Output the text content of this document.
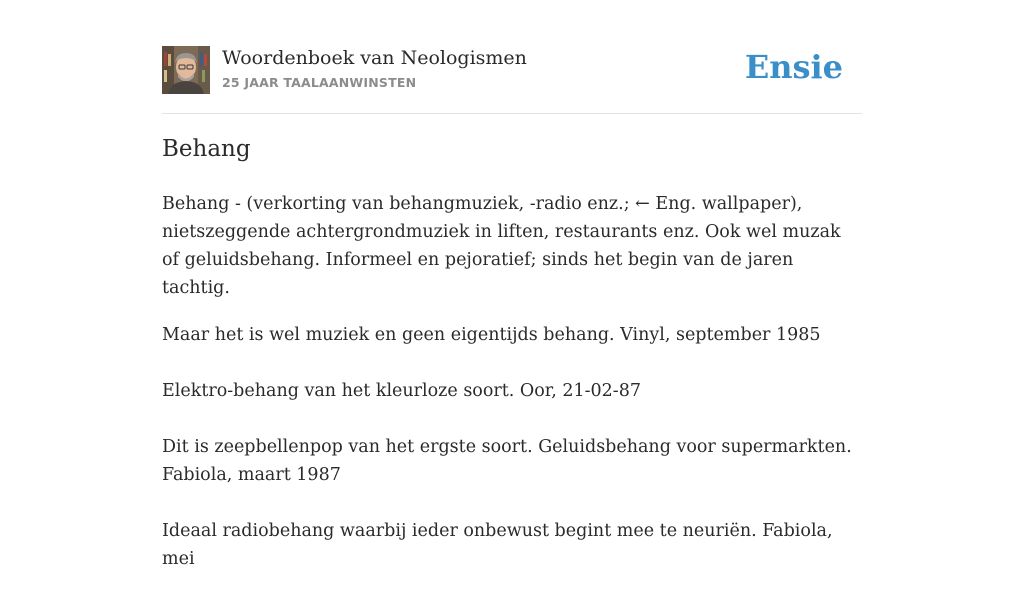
Woordenboek van Neologismen
25 JAAR TAALAANWINSTEN	Ensie
Behang

Behang - (verkorting van behangmuziek, -radio enz.; ← Eng. wallpaper), nietszeggende achtergrondmuziek in liften, restaurants enz. Ook wel muzak of geluidsbehang. Informeel en pejoratief; sinds het begin van de jaren tachtig.

Maar het is wel muziek en geen eigentijds behang. Vinyl, september 1985

Elektro-behang van het kleurloze soort. Oor, 21-02-87

Dit is zeepbellenpop van het ergste soort. Geluidsbehang voor supermarkten. Fabiola, maart 1987

Ideaal radiobehang waarbij ieder onbewust begint mee te neuriën. Fabiola, mei
